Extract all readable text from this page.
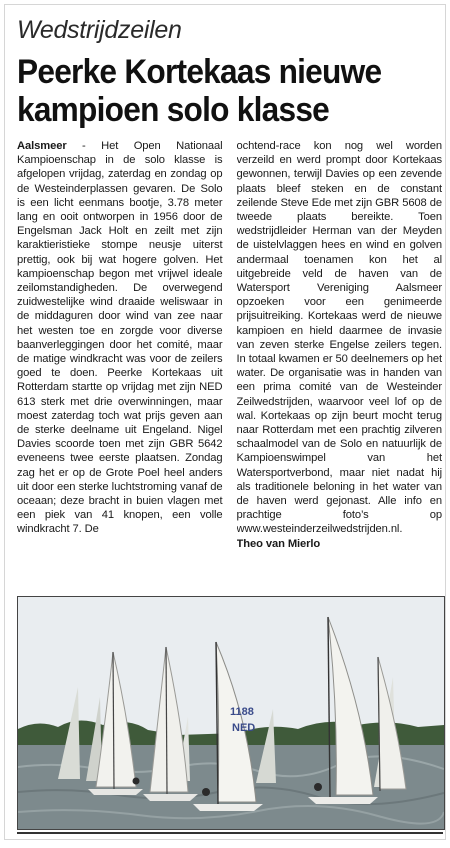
Wedstrijdzeilen
Peerke Kortekaas nieuwe
kampioen solo klasse

Aalsmeer - Het Open Nationaal Kampioenschap in de solo klasse is afgelopen vrijdag, zaterdag en zondag op de Westeinderplassen gevaren. De Solo is een licht eenmans bootje, 3.78 meter lang en ooit ontworpen in 1956 door de Engelsman Jack Holt en zeilt met zijn karaktieristieke stompe neusje uiterst prettig, ook bij wat hogere golven. Het kampioenschap begon met vrijwel ideale zeilomstandigheden. De overwegend zuidwestelijke wind draaide weliswaar in de middaguren door wind van zee naar het westen toe en zorgde voor diverse baanverleggingen door het comité, maar de matige windkracht was voor de zeilers goed te doen. Peerke Kortekaas uit Rotterdam startte op vrijdag met zijn NED 613 sterk met drie overwinningen, maar moest zaterdag toch wat prijs geven aan de sterke deelname uit Engeland. Nigel Davies scoorde toen met zijn GBR 5642 eveneens twee eerste plaatsen. Zondag zag het er op de Grote Poel heel anders uit door een sterke luchtstroming vanaf de oceaan; deze bracht in buien vlagen met een piek van 41 knopen, een volle windkracht 7. De

ochtend-race kon nog wel worden verzeild en werd prompt door Kortekaas gewonnen, terwijl Davies op een zevende plaats bleef steken en de constant zeilende Steve Ede met zijn GBR 5608 de tweede plaats bereikte. Toen wedstrijdleider Herman van der Meyden de uistelvlaggen hees en wind en golven andermaal toenamen kon het al uitgebreide veld de haven van de Watersport Vereniging Aalsmeer opzoeken voor een genimeerde prijsuitreiking. Kortekaas werd de nieuwe kampioen en hield daarmee de invasie van zeven sterke Engelse zeilers tegen. In totaal kwamen er 50 deelnemers op het water. De organisatie was in handen van een prima comité van de Westeinder Zeilwedstrijden, waarvoor veel lof op de wal. Kortekaas op zijn beurt mocht terug naar Rotterdam met een prachtig zilveren schaalmodel van de Solo en natuurlijk de Kampioenswimpel van het Watersportverbond, maar niet nadat hij als traditionele beloning in het water van de haven werd gejonast. Alle info en prachtige foto’s op www.westeinderzeilwedstrijden.nl.

Theo van Mierlo
1188
NED
